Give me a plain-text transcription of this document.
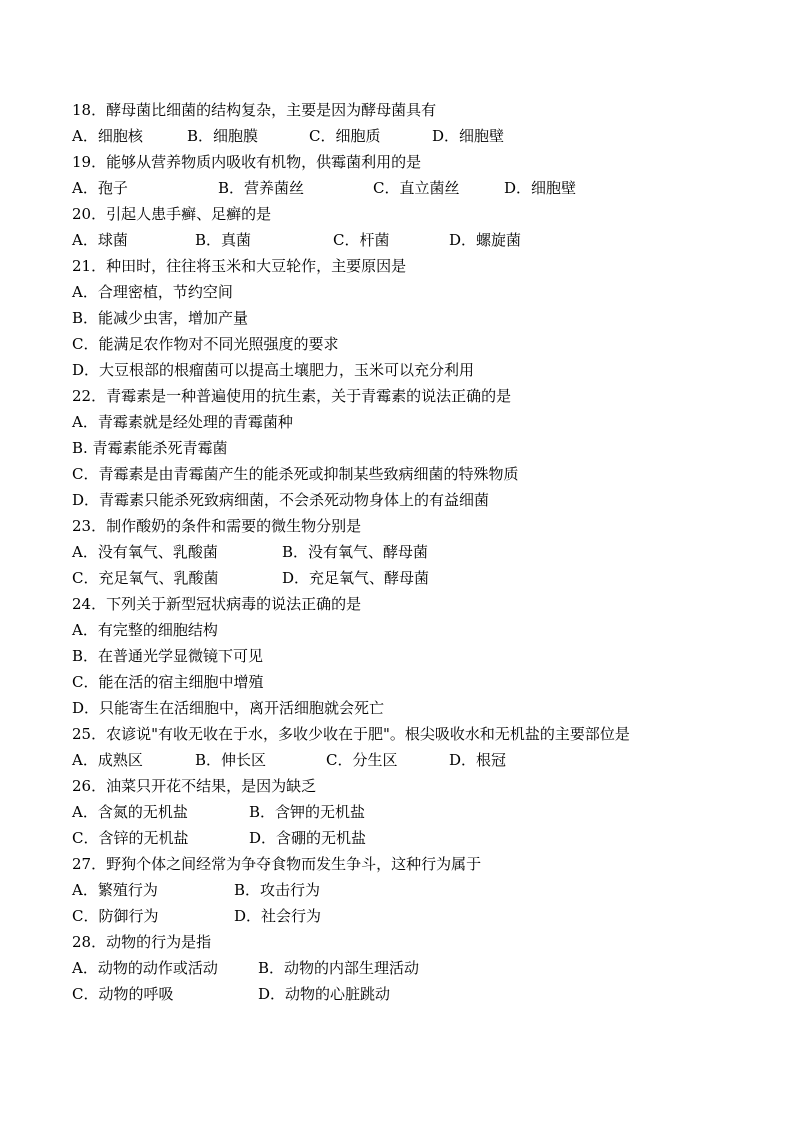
18．酵母菌比细菌的结构复杂，主要是因为酵母菌具有
A．细胞核	B．细胞膜	C．细胞质	D．细胞壁
19．能够从营养物质内吸收有机物，供霉菌利用的是
A．孢子	B．营养菌丝	C．直立菌丝	D．细胞壁
20．引起人患手癣、足癣的是
A．球菌	B．真菌	C．杆菌	D．螺旋菌
21．种田时，往往将玉米和大豆轮作，主要原因是
A．合理密植，节约空间
B．能减少虫害，增加产量
C．能满足农作物对不同光照强度的要求
D．大豆根部的根瘤菌可以提高土壤肥力，玉米可以充分利用
22．青霉素是一种普遍使用的抗生素，关于青霉素的说法正确的是
A．青霉素就是经处理的青霉菌种
B. 青霉素能杀死青霉菌
C．青霉素是由青霉菌产生的能杀死或抑制某些致病细菌的特殊物质
D．青霉素只能杀死致病细菌，不会杀死动物身体上的有益细菌
23．制作酸奶的条件和需要的微生物分别是
A．没有氧气、乳酸菌	B．没有氧气、酵母菌
C．充足氧气、乳酸菌	D．充足氧气、酵母菌
24．下列关于新型冠状病毒的说法正确的是
A．有完整的细胞结构
B．在普通光学显微镜下可见
C．能在活的宿主细胞中增殖
D．只能寄生在活细胞中，离开活细胞就会死亡
25．农谚说"有收无收在于水，多收少收在于肥"。根尖吸收水和无机盐的主要部位是
A．成熟区	B．伸长区	C．分生区	D．根冠
26．油菜只开花不结果，是因为缺乏
A．含氮的无机盐	B．含钾的无机盐
C．含锌的无机盐	D．含硼的无机盐
27．野狗个体之间经常为争夺食物而发生争斗，这种行为属于
A．繁殖行为	B．攻击行为
C．防御行为	D．社会行为
28．动物的行为是指
A．动物的动作或活动	B．动物的内部生理活动
C．动物的呼吸	D．动物的心脏跳动
